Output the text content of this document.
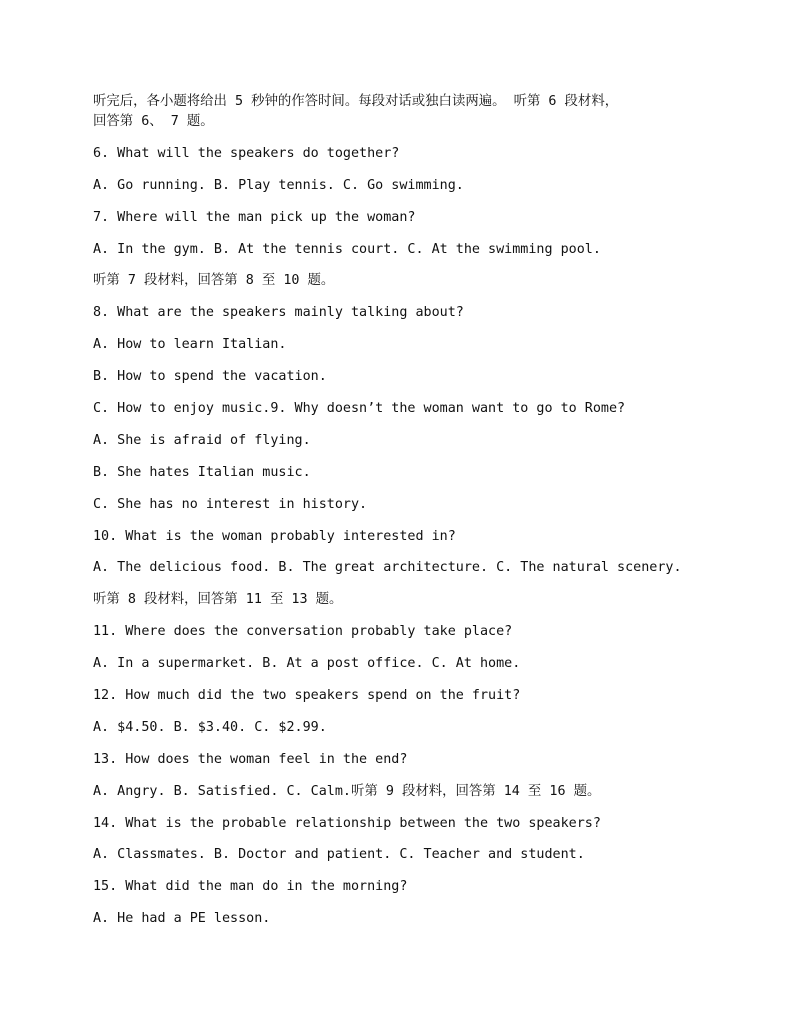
听完后，各小题将给出 5 秒钟的作答时间。每段对话或独白读两遍。 听第 6 段材料，
回答第 6、 7 题。
6. What will the speakers do together?
A. Go running. B. Play tennis. C. Go swimming.
7. Where will the man pick up the woman?
A. In the gym. B. At the tennis court. C. At the swimming pool.
听第 7 段材料，回答第 8 至 10 题。
8. What are the speakers mainly talking about?
A. How to learn Italian.
B. How to spend the vacation.
C. How to enjoy music.9. Why doesn’t the woman want to go to Rome?
A. She is afraid of flying.
B. She hates Italian music.
C. She has no interest in history.
10. What is the woman probably interested in?
A. The delicious food. B. The great architecture. C. The natural scenery.
听第 8 段材料，回答第 11 至 13 题。
11. Where does the conversation probably take place?
A. In a supermarket. B. At a post office. C. At home.
12. How much did the two speakers spend on the fruit?
A. $4.50. B. $3.40. C. $2.99.
13. How does the woman feel in the end?
A. Angry. B. Satisfied. C. Calm.听第 9 段材料，回答第 14 至 16 题。
14. What is the probable relationship between the two speakers?
A. Classmates. B. Doctor and patient. C. Teacher and student.
15. What did the man do in the morning?
A. He had a PE lesson.
